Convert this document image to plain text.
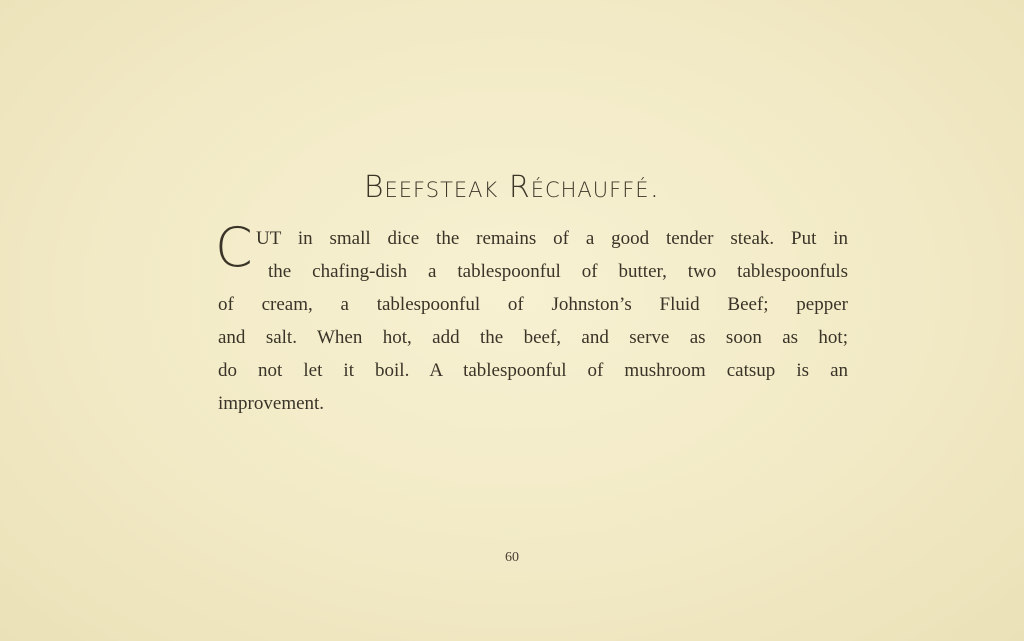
Beefsteak Réchauffé.
C UT in small dice the remains of a good tender steak. Put in
the chafing-dish a tablespoonful of butter, two tablespoonfuls
of cream, a tablespoonful of Johnston’s Fluid Beef; pepper
and salt. When hot, add the beef, and serve as soon as hot;
do not let it boil. A tablespoonful of mushroom catsup is an
improvement.
60
